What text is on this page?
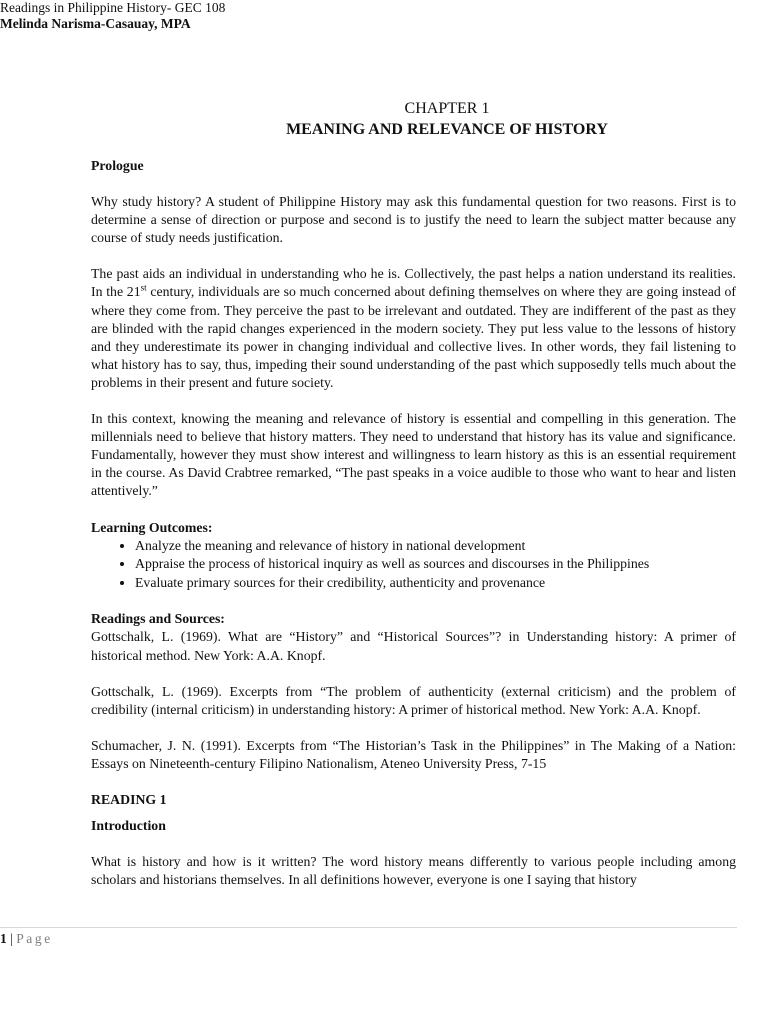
Readings in Philippine History- GEC 108
Melinda Narisma-Casauay, MPA
CHAPTER 1
MEANING AND RELEVANCE OF HISTORY

Prologue

Why study history? A student of Philippine History may ask this fundamental question for two reasons. First is to determine a sense of direction or purpose and second is to justify the need to learn the subject matter because any course of study needs justification.

The past aids an individual in understanding who he is. Collectively, the past helps a nation understand its realities. In the 21st century, individuals are so much concerned about defining themselves on where they are going instead of where they come from. They perceive the past to be irrelevant and outdated. They are indifferent of the past as they are blinded with the rapid changes experienced in the modern society. They put less value to the lessons of history and they underestimate its power in changing individual and collective lives. In other words, they fail listening to what history has to say, thus, impeding their sound understanding of the past which supposedly tells much about the problems in their present and future society.

In this context, knowing the meaning and relevance of history is essential and compelling in this generation. The millennials need to believe that history matters. They need to understand that history has its value and significance. Fundamentally, however they must show interest and willingness to learn history as this is an essential requirement in the course. As David Crabtree remarked, “The past speaks in a voice audible to those who want to hear and listen attentively.”

Learning Outcomes:

• Analyze the meaning and relevance of history in national development
• Appraise the process of historical inquiry as well as sources and discourses in the Philippines
• Evaluate primary sources for their credibility, authenticity and provenance

Readings and Sources:

Gottschalk, L. (1969). What are “History” and “Historical Sources”? in Understanding history: A primer of historical method. New York: A.A. Knopf.

Gottschalk, L. (1969). Excerpts from “The problem of authenticity (external criticism) and the problem of credibility (internal criticism) in understanding history: A primer of historical method. New York: A.A. Knopf.

Schumacher, J. N. (1991). Excerpts from “The Historian’s Task in the Philippines” in The Making of a Nation: Essays on Nineteenth-century Filipino Nationalism, Ateneo University Press, 7-15

READING 1

Introduction

What is history and how is it written? The word history means differently to various people including among scholars and historians themselves. In all definitions however, everyone is one I saying that history

1 | Page
